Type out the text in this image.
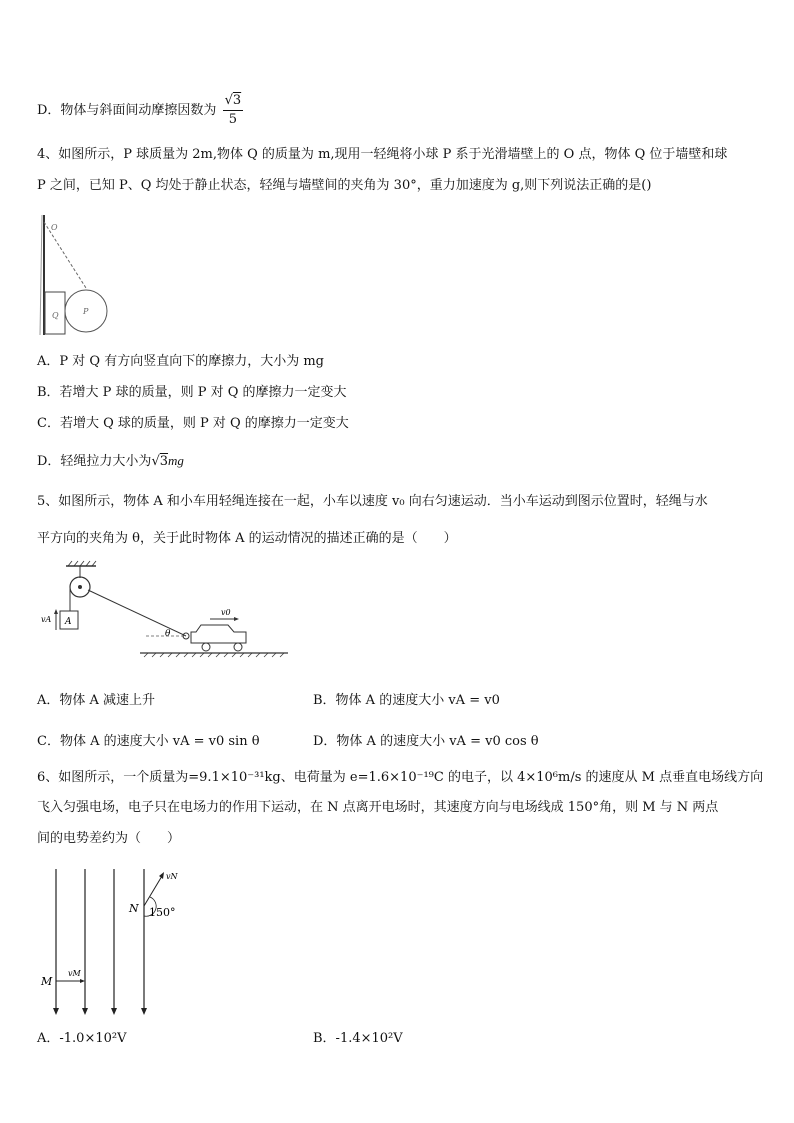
D．物体与斜面间动摩擦因数为 $\frac{√3}{5}$
4、如图所示，P 球质量为 2m,物体 Q 的质量为 m,现用一轻绳将小球 P 系于光滑墙壁上的 O 点，物体 Q 位于墙壁和球
P 之间，已知 P、Q 均处于静止状态，轻绳与墙壁间的夹角为 30°，重力加速度为 g,则下列说法正确的是()
O
Q	P
A．P 对 Q 有方向竖直向下的摩擦力，大小为 mg
B．若增大 P 球的质量，则 P 对 Q 的摩擦力一定变大
C．若增大 Q 球的质量，则 P 对 Q 的摩擦力一定变大
D．轻绳拉力大小为√3mg
5、如图所示，物体 A 和小车用轻绳连接在一起，小车以速度 v₀ 向右匀速运动．当小车运动到图示位置时，轻绳与水
平方向的夹角为 θ，关于此时物体 A 的运动情况的描述正确的是（　　）
A
vA
θ
v0
A．物体 A 减速上升	B．物体 A 的速度大小 vA = v0
C．物体 A 的速度大小 vA = v0 sin θ	D．物体 A 的速度大小 vA = v0 cos θ
6、如图所示，一个质量为=9.1×10⁻³¹kg、电荷量为 e=1.6×10⁻¹⁹C 的电子，以 4×10⁶m/s 的速度从 M 点垂直电场线方向
飞入匀强电场，电子只在电场力的作用下运动，在 N 点离开电场时，其速度方向与电场线成 150°角，则 M 与 N 两点
间的电势差约为（　　）
vM
M
vN
N 150°
A．-1.0×10²V	B．-1.4×10²V
